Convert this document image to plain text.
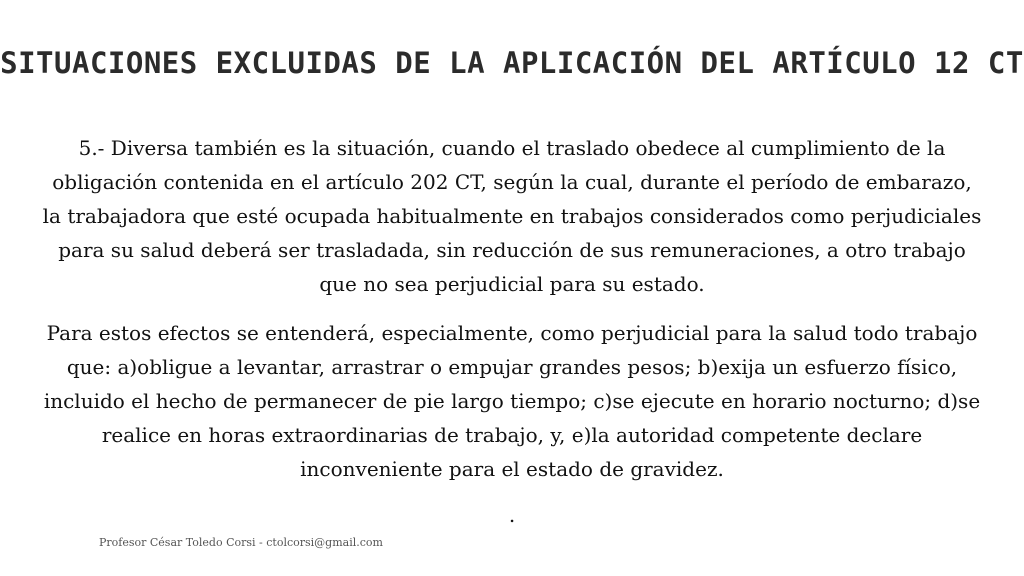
SITUACIONES EXCLUIDAS DE LA APLICACIÓN DEL ARTÍCULO 12 CT

5.- Diversa también es la situación, cuando el traslado obedece al cumplimiento de la obligación contenida en el artículo 202 CT, según la cual, durante el período de embarazo, la trabajadora que esté ocupada habitualmente en trabajos considerados como perjudiciales para su salud deberá ser trasladada, sin reducción de sus remuneraciones, a otro trabajo que no sea perjudicial para su estado.

Para estos efectos se entenderá, especialmente, como perjudicial para la salud todo trabajo que: a)obligue a levantar, arrastrar o empujar grandes pesos; b)exija un esfuerzo físico, incluido el hecho de permanecer de pie largo tiempo; c)se ejecute en horario nocturno; d)se realice en horas extraordinarias de trabajo, y, e)la autoridad competente declare inconveniente para el estado de gravidez.

.

Profesor César Toledo Corsi - ctolcorsi@gmail.com
